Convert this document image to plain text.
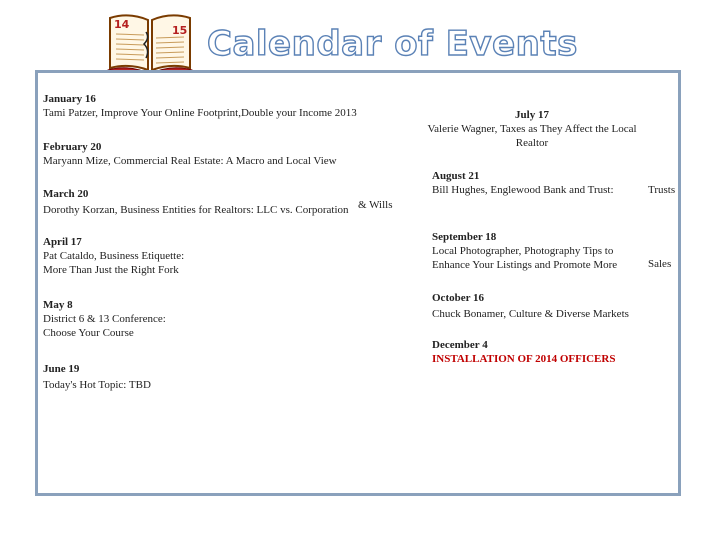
14	15 Calendar of Events
January 16
Tami Patzer, Improve Your Online Footprint,Double your Income 2013
February 20
Maryann Mize, Commercial Real Estate: A Macro and Local View
March 20
Dorothy Korzan, Business Entities for Realtors: LLC vs. Corporation
April 17
Pat Cataldo, Business Etiquette:
More Than Just the Right Fork
May 8
District 6 & 13 Conference:
Choose Your Course
June 19
Today's Hot Topic: TBD
July 17
Valerie Wagner, Taxes as They Affect the Local
Realtor
August 21
Bill Hughes, Englewood Bank and Trust:
September 18
Local Photographer, Photography Tips to
Enhance Your Listings and Promote More
October 16
Chuck Bonamer, Culture & Diverse Markets
December 4
INSTALLATION OF 2014 OFFICERS
& Wills
Trusts
Sales
